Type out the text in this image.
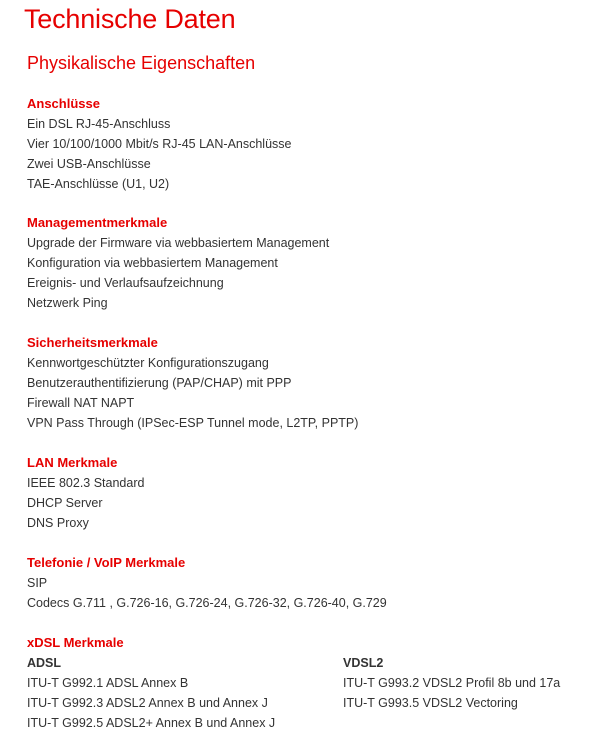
Technische Daten
Physikalische Eigenschaften
Anschlüsse
Ein DSL RJ-45-Anschluss
Vier 10/100/1000 Mbit/s RJ-45 LAN-Anschlüsse
Zwei USB-Anschlüsse
TAE-Anschlüsse (U1, U2)
Managementmerkmale
Upgrade der Firmware via webbasiertem Management
Konfiguration via webbasiertem Management
Ereignis- und Verlaufsaufzeichnung
Netzwerk Ping
Sicherheitsmerkmale
Kennwortgeschützter Konfigurationszugang
Benutzerauthentifizierung (PAP/CHAP) mit PPP
Firewall NAT NAPT
VPN Pass Through (IPSec-ESP Tunnel mode, L2TP, PPTP)
LAN Merkmale
IEEE 802.3 Standard
DHCP Server
DNS Proxy
Telefonie / VoIP Merkmale
SIP
Codecs G.711 , G.726-16, G.726-24, G.726-32, G.726-40, G.729
xDSL Merkmale
ADSL
ITU-T G992.1 ADSL Annex B
ITU-T G992.3 ADSL2 Annex B und Annex J
ITU-T G992.5 ADSL2+ Annex B und Annex J
VDSL2
ITU-T G993.2 VDSL2 Profil 8b und 17a
ITU-T G993.5 VDSL2 Vectoring
